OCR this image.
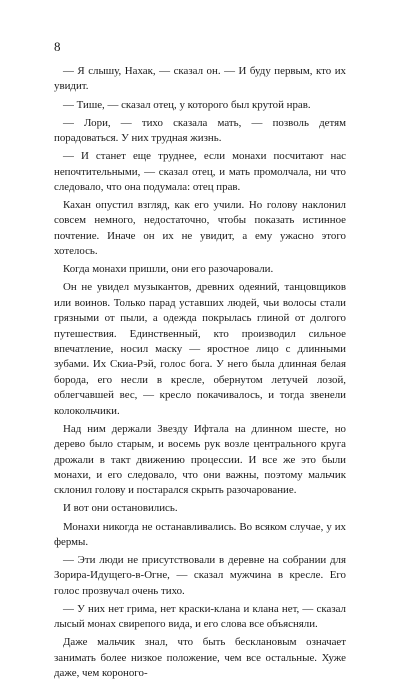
8

— Я слышу, Нахак, — сказал он. — И буду первым, кто их увидит.

— Тише, — сказал отец, у которого был крутой нрав.

— Лори, — тихо сказала мать, — позволь детям порадоваться. У них трудная жизнь.

— И станет еще труднее, если монахи посчитают нас непочтительными, — сказал отец, и мать промолчала, ни что следовало, что она подумала: отец прав.

Кахан опустил взгляд, как его учили. Но голову наклонил совсем немного, недостаточно, чтобы показать истинное почтение. Иначе он их не увидит, а ему ужасно этого хотелось.

Когда монахи пришли, они его разочаровали.

Он не увидел музыкантов, древних одеяний, танцовщиков или воинов. Только парад уставших людей, чьи волосы стали грязными от пыли, а одежда покрылась глиной от долгого путешествия. Единственный, кто производил сильное впечатление, носил маску — яростное лицо с длинными зубами. Их Скиа-Рэй, голос бога. У него была длинная белая борода, его несли в кресле, обернутом летучей лозой, облегчавшей вес, — кресло покачивалось, и тогда звенели колокольчики.

Над ним держали Звезду Ифтала на длинном шесте, но дерево было старым, и восемь рук возле центрального круга дрожали в такт движению процессии. И все же это были монахи, и его следовало, что они важны, поэтому мальчик склонил голову и постарался скрыть разочарование.

И вот они остановились.

Монахи никогда не останавливались. Во всяком случае, у их фермы.

— Эти люди не присутствовали в деревне на собрании для Зорира-Идущего-в-Огне, — сказал мужчина в кресле. Его голос прозвучал очень тихо.

— У них нет грима, нет краски-клана и клана нет, — сказал лысый монах свирепого вида, и его слова все объясняли.

Даже мальчик знал, что быть бесклановым означает занимать более низкое положение, чем все остальные. Хуже даже, чем короного-
